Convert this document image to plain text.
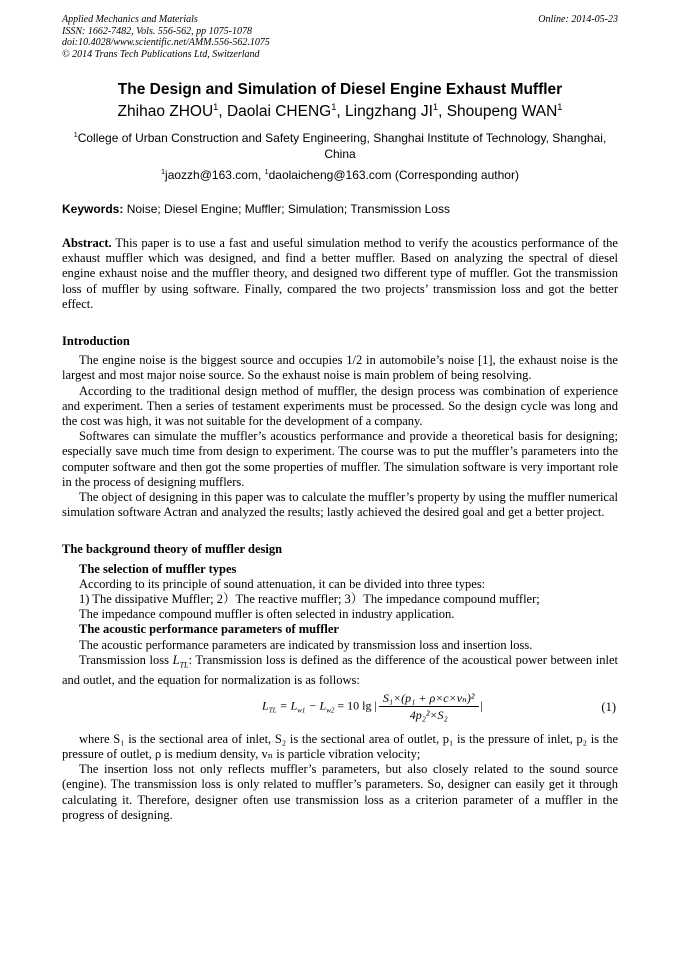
Applied Mechanics and Materials
ISSN: 1662-7482, Vols. 556-562, pp 1075-1078
doi:10.4028/www.scientific.net/AMM.556-562.1075
© 2014 Trans Tech Publications Ltd, Switzerland
Online: 2014-05-23
The Design and Simulation of Diesel Engine Exhaust Muffler
Zhihao ZHOU$^1$, Daolai CHENG$^1$, Lingzhang $JI^1$, Shoupeng WAN$^1$
$^1$College of Urban Construction and Safety Engineering, Shanghai Institute of Technology, Shanghai, China
$^1$jaozzh@163.com, $^1$daolaicheng@163.com (Corresponding author)
Keywords: Noise; Diesel Engine; Muffler; Simulation; Transmission Loss

Abstract. This paper is to use a fast and useful simulation method to verify the acoustics performance of the exhaust muffler which was designed, and find a better muffler. Based on analyzing the spectral of diesel engine exhaust noise and the muffler theory, and designed two different type of muffler. Got the transmission loss of muffler by using software. Finally, compared the two projects’ transmission loss and got the better effect.

Introduction

The engine noise is the biggest source and occupies 1/2 in automobile’s noise [1], the exhaust noise is the largest and most major noise source. So the exhaust noise is main problem of being resolving.

According to the traditional design method of muffler, the design process was combination of experience and experiment. Then a series of testament experiments must be processed. So the design cycle was long and the cost was high, it was not suitable for the development of a company.

Softwares can simulate the muffler’s acoustics performance and provide a theoretical basis for designing; especially save much time from design to experiment. The course was to put the muffler’s parameters into the computer software and then got the some properties of muffler. The simulation software is very important role in the process of designing mufflers.

The object of designing in this paper was to calculate the muffler’s property by using the muffler numerical simulation software Actran and analyzed the results; lastly achieved the desired goal and get a better project.

The background theory of muffler design

The selection of muffler types

According to its principle of sound attenuation, it can be divided into three types:

1) The dissipative Muffler; 2）The reactive muffler; 3）The impedance compound muffler;

The impedance compound muffler is often selected in industry application.

The acoustic performance parameters of muffler

The acoustic performance parameters are indicated by transmission loss and insertion loss.

Transmission loss $L_{TL}$: Transmission loss is defined as the difference of the acoustical power between inlet and outlet, and the equation for normalization is as follows:

$L_{TL} = L_{w1} - L_{w2} = 10$ lg | $\frac{\text{S₁×(p₁ + ρ×c×vₙ)²}}{\text{4p₂²×S₂}}$ |	(1)

where S₁ is the sectional area of inlet, S₂ is the sectional area of outlet, p₁ is the pressure of inlet, p₂ is the pressure of outlet, ρ is medium density, vₙ is particle vibration velocity;

The insertion loss not only reflects muffler’s parameters, but also closely related to the sound source (engine). The transmission loss is only related to muffler’s parameters. So, designer can easily get it through calculating it. Therefore, designer often use transmission loss as a criterion parameter of a muffler in the progress of designing.
